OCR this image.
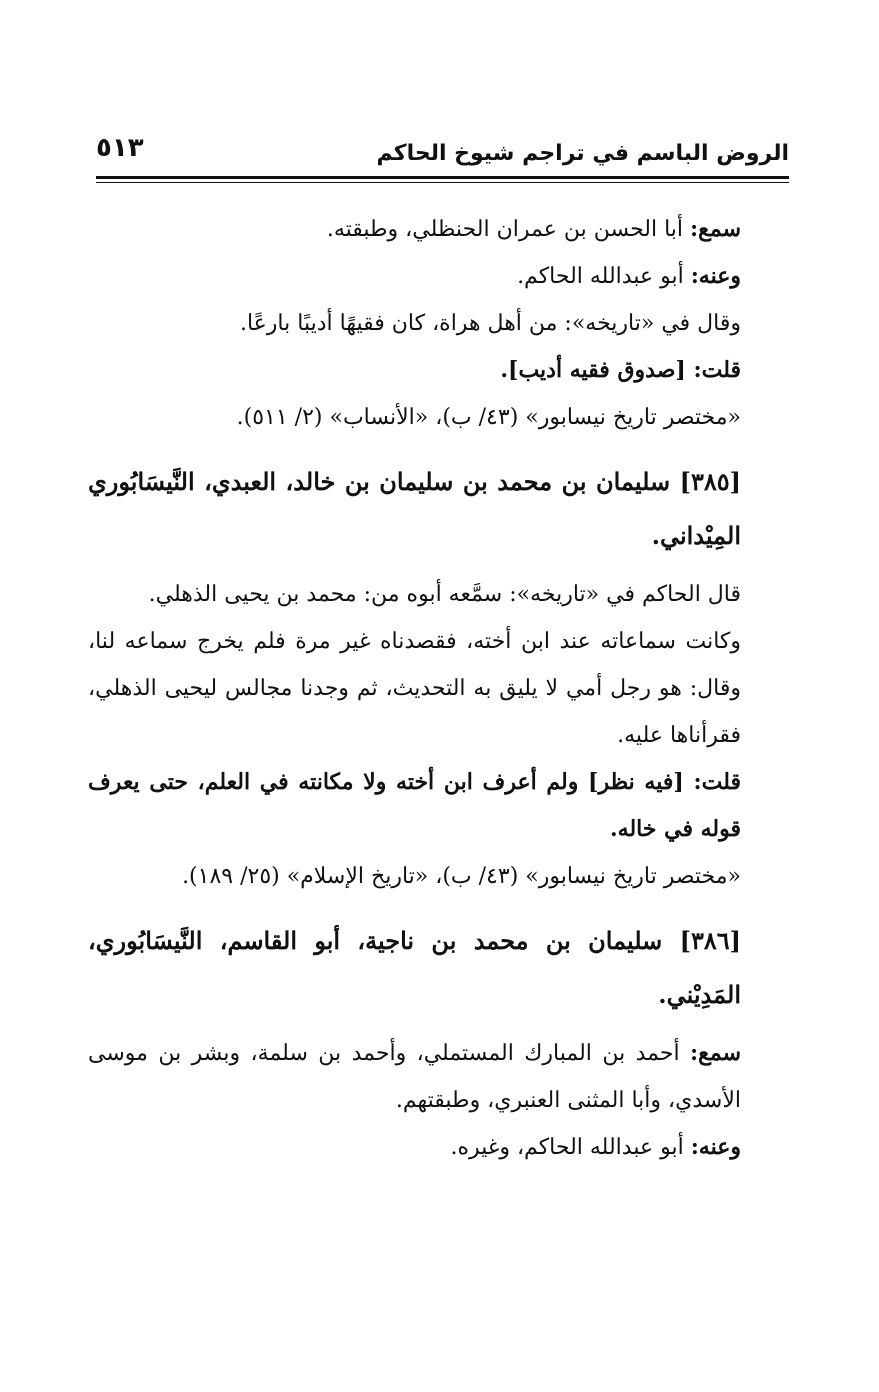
الروض الباسم في تراجم شيوخ الحاكم
٥١٣

سمع: أبا الحسن بن عمران الحنظلي، وطبقته.

وعنه: أبو عبدالله الحاكم.

وقال في «تاريخه»: من أهل هراة، كان فقيهًا أديبًا بارعًا.

قلت: [صدوق فقيه أديب].

«مختصر تاريخ نيسابور» (٤٣/ ب)، «الأنساب» (٢/ ٥١١).

[٣٨٥] سليمان بن محمد بن سليمان بن خالد، العبدي، النَّيسَابُوري المِيْداني.

قال الحاكم في «تاريخه»: سمَّعه أبوه من: محمد بن يحيى الذهلي.

وكانت سماعاته عند ابن أخته، فقصدناه غير مرة فلم يخرج سماعه لنا، وقال: هو رجل أمي لا يليق به التحديث، ثم وجدنا مجالس ليحيى الذهلي، فقرأناها عليه.

قلت: [فيه نظر] ولم أعرف ابن أخته ولا مكانته في العلم، حتى يعرف قوله في خاله.

«مختصر تاريخ نيسابور» (٤٣/ ب)، «تاريخ الإسلام» (٢٥/ ١٨٩).

[٣٨٦] سليمان بن محمد بن ناجية، أبو القاسم، النَّيسَابُوري، المَدِيْني.

سمع: أحمد بن المبارك المستملي، وأحمد بن سلمة، وبشر بن موسى الأسدي، وأبا المثنى العنبري، وطبقتهم.

وعنه: أبو عبدالله الحاكم، وغيره.
